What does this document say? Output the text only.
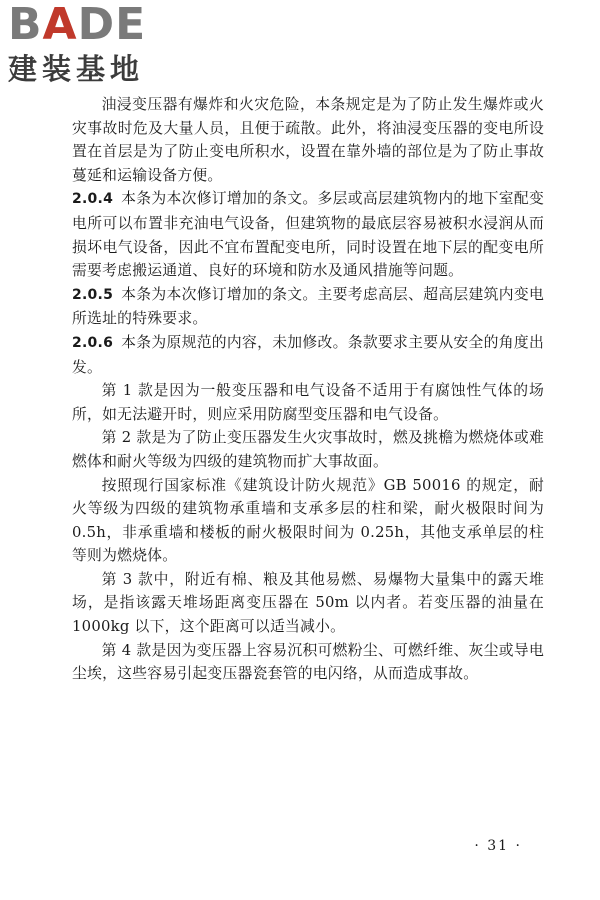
BADE
建装基地

油浸变压器有爆炸和火灾危险，本条规定是为了防止发生爆炸或火灾事故时危及大量人员，且便于疏散。此外，将油浸变压器的变电所设置在首层是为了防止变电所积水，设置在靠外墙的部位是为了防止事故蔓延和运输设备方便。

2.0.4 本条为本次修订增加的条文。多层或高层建筑物内的地下室配变电所可以布置非充油电气设备，但建筑物的最底层容易被积水浸润从而损坏电气设备，因此不宜布置配变电所，同时设置在地下层的配变电所需要考虑搬运通道、良好的环境和防水及通风措施等问题。

2.0.5 本条为本次修订增加的条文。主要考虑高层、超高层建筑内变电所选址的特殊要求。

2.0.6 本条为原规范的内容，未加修改。条款要求主要从安全的角度出发。

第 1 款是因为一般变压器和电气设备不适用于有腐蚀性气体的场所，如无法避开时，则应采用防腐型变压器和电气设备。

第 2 款是为了防止变压器发生火灾事故时，燃及挑檐为燃烧体或难燃体和耐火等级为四级的建筑物而扩大事故面。

按照现行国家标准《建筑设计防火规范》GB 50016 的规定，耐火等级为四级的建筑物承重墙和支承多层的柱和梁，耐火极限时间为 0.5h，非承重墙和楼板的耐火极限时间为 0.25h，其他支承单层的柱等则为燃烧体。

第 3 款中，附近有棉、粮及其他易燃、易爆物大量集中的露天堆场，是指该露天堆场距离变压器在 50m 以内者。若变压器的油量在 1000kg 以下，这个距离可以适当减小。

第 4 款是因为变压器上容易沉积可燃粉尘、可燃纤维、灰尘或导电尘埃，这些容易引起变压器瓷套管的电闪络，从而造成事故。

· 31 ·
